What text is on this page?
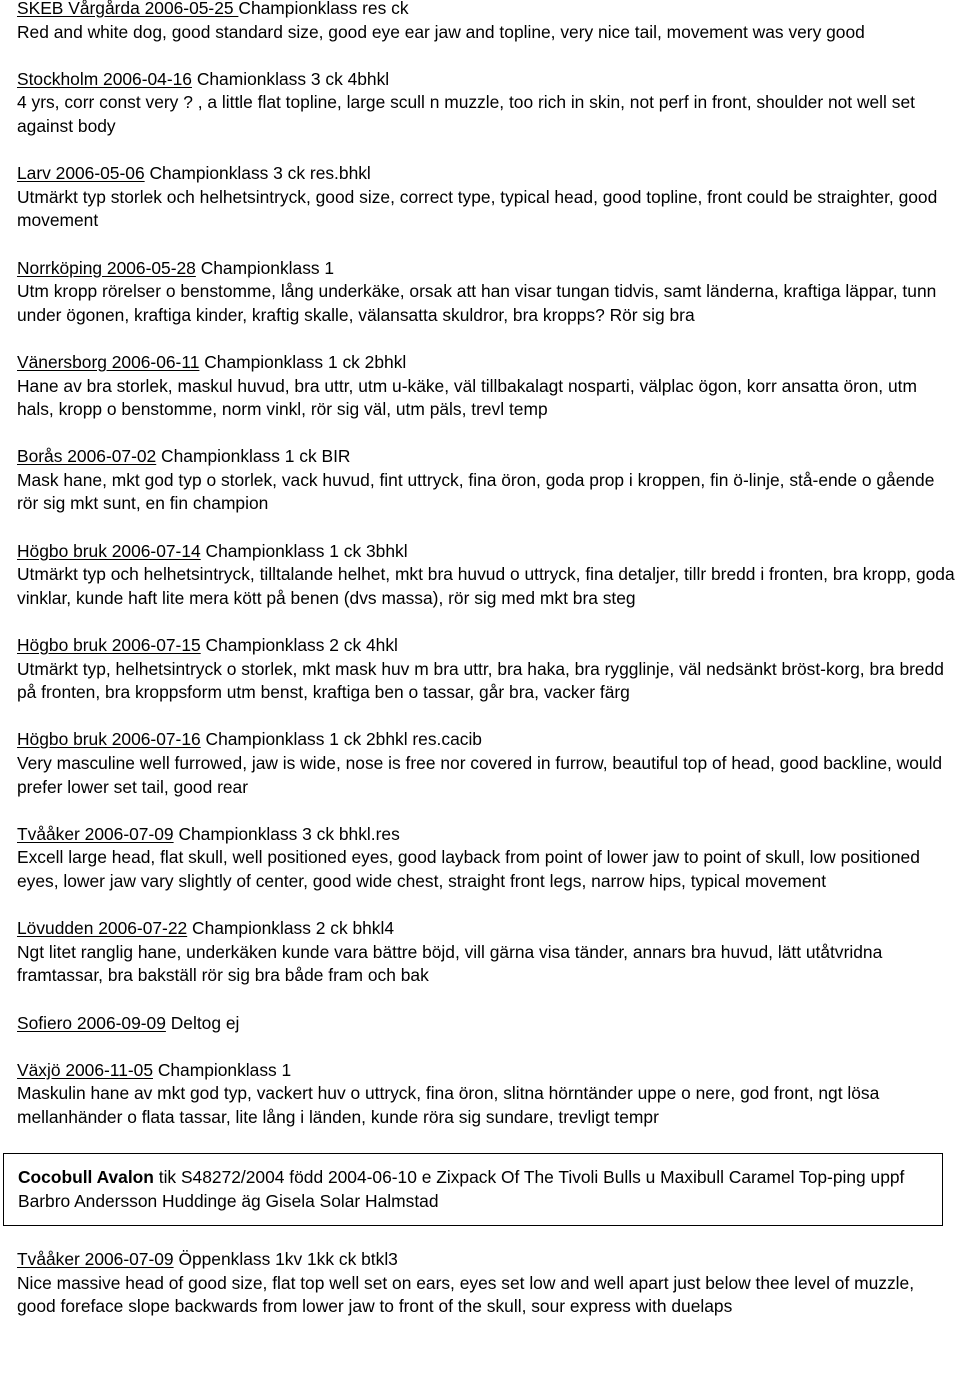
SKEB Vårgårda 2006-05-25 Championklass res ck

Red and white dog, good standard size, good eye ear jaw and topline, very nice tail, movement was very good

Stockholm 2006-04-16 Chamionklass 3 ck 4bhkl

4 yrs, corr const very ? , a little flat topline, large scull n muzzle, too rich in skin, not perf in front, shoulder not well set against body

Larv 2006-05-06 Championklass 3 ck res.bhkl

Utmärkt typ storlek och helhetsintryck, good size, correct type, typical head, good topline, front could be straighter, good movement

Norrköping 2006-05-28 Championklass 1

Utm kropp rörelser o benstomme, lång underkäke, orsak att han visar tungan tidvis, samt länderna, kraftiga läppar, tunn under ögonen, kraftiga kinder, kraftig skalle, välansatta skuldror, bra kropps? Rör sig bra

Vänersborg 2006-06-11 Championklass 1 ck 2bhkl

Hane av bra storlek, maskul huvud, bra uttr, utm u-käke, väl tillbakalagt nosparti, välplac ögon, korr ansatta öron, utm hals, kropp o benstomme, norm vinkl, rör sig väl, utm päls, trevl temp

Borås 2006-07-02 Championklass 1 ck BIR

Mask hane, mkt god typ o storlek, vack huvud, fint uttryck, fina öron, goda prop i kroppen, fin ö-linje, stå-ende o gående rör sig mkt sunt, en fin champion

Högbo bruk 2006-07-14 Championklass 1 ck 3bhkl

Utmärkt typ och helhetsintryck, tilltalande helhet, mkt bra huvud o uttryck, fina detaljer, tillr bredd i fronten, bra kropp, goda vinklar, kunde haft lite mera kött på benen (dvs massa), rör sig med mkt bra steg

Högbo bruk 2006-07-15 Championklass 2 ck 4hkl

Utmärkt typ, helhetsintryck o storlek, mkt mask huv m bra uttr, bra haka, bra rygglinje, väl nedsänkt bröst-korg, bra bredd på fronten, bra kroppsform utm benst, kraftiga ben o tassar, går bra, vacker färg

Högbo bruk 2006-07-16 Championklass 1 ck 2bhkl res.cacib

Very masculine well furrowed, jaw is wide, nose is free nor covered in furrow, beautiful top of head, good backline, would prefer lower set tail, good rear

Tvååker 2006-07-09 Championklass 3 ck bhkl.res

Excell large head, flat skull, well positioned eyes, good layback from point of lower jaw to point of skull, low positioned eyes, lower jaw vary slightly of center, good wide chest, straight front legs, narrow hips, typical movement

Lövudden 2006-07-22 Championklass 2 ck bhkl4

Ngt litet ranglig hane, underkäken kunde vara bättre böjd, vill gärna visa tänder, annars bra huvud, lätt utåtvridna framtassar, bra bakställ rör sig bra både fram och bak

Sofiero 2006-09-09 Deltog ej

Växjö 2006-11-05 Championklass 1

Maskulin hane av mkt god typ, vackert huv o uttryck, fina öron, slitna hörntänder uppe o nere, god front, ngt lösa mellanhänder o flata tassar, lite lång i länden, kunde röra sig sundare, trevligt tempr

Cocobull Avalon tik S48272/2004 född 2004-06-10 e Zixpack Of The Tivoli Bulls u Maxibull Caramel Top-ping uppf Barbro Andersson Huddinge äg Gisela Solar Halmstad

Tvååker 2006-07-09 Öppenklass 1kv 1kk ck btkl3

Nice massive head of good size, flat top well set on ears, eyes set low and well apart just below thee level of muzzle, good foreface slope backwards from lower jaw to front of the skull, sour express with duelaps
